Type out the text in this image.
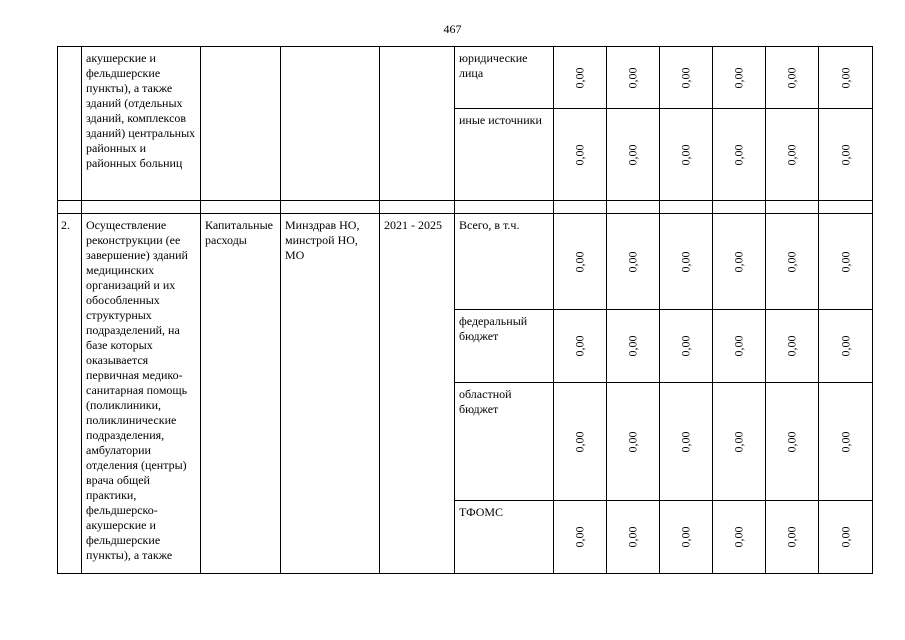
467
	акушерские и фельдшерские пункты), а также зданий (отдельных зданий, комплексов зданий) центральных районных и районных больниц				юридические лица	0,00	0,00	0,00	0,00	0,00	0,00

					иные источники	0,00	0,00	0,00	0,00	0,00	0,00

2.	Осуществление реконструкции (ее завершение) зданий медицинских организаций и их обособленных структурных подразделений, на базе которых оказывается первичная медико-санитарная помощь (поликлиники, поликлинические подразделения, амбулатории отделения (центры) врача общей практики, фельдшерско-акушерские и фельдшерские пункты), а также	Капитальные расходы	Минздрав НО, минстрой НО, МО	2021 - 2025	Всего, в т.ч.	0,00	0,00	0,00	0,00	0,00	0,00

					федеральный бюджет	0,00	0,00	0,00	0,00	0,00	0,00

					областной бюджет	0,00	0,00	0,00	0,00	0,00	0,00

					ТФОМС	0,00	0,00	0,00	0,00	0,00	0,00
